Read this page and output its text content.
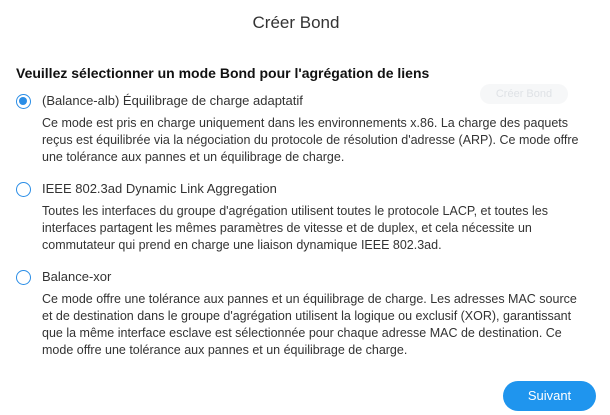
Créer Bond
Veuillez sélectionner un mode Bond pour l'agrégation de liens
Créer Bond
(Balance-alb) Équilibrage de charge adaptatif
Ce mode est pris en charge uniquement dans les environnements x.86. La charge des paquets reçus est équilibrée via la négociation du protocole de résolution d'adresse (ARP). Ce mode offre une tolérance aux pannes et un équilibrage de charge.
IEEE 802.3ad Dynamic Link Aggregation
Toutes les interfaces du groupe d'agrégation utilisent toutes le protocole LACP, et toutes les interfaces partagent les mêmes paramètres de vitesse et de duplex, et cela nécessite un commutateur qui prend en charge une liaison dynamique IEEE 802.3ad.
Balance-xor
Ce mode offre une tolérance aux pannes et un équilibrage de charge. Les adresses MAC source et de destination dans le groupe d'agrégation utilisent la logique ou exclusif (XOR), garantissant que la même interface esclave est sélectionnée pour chaque adresse MAC de destination. Ce mode offre une tolérance aux pannes et un équilibrage de charge.
Suivant
